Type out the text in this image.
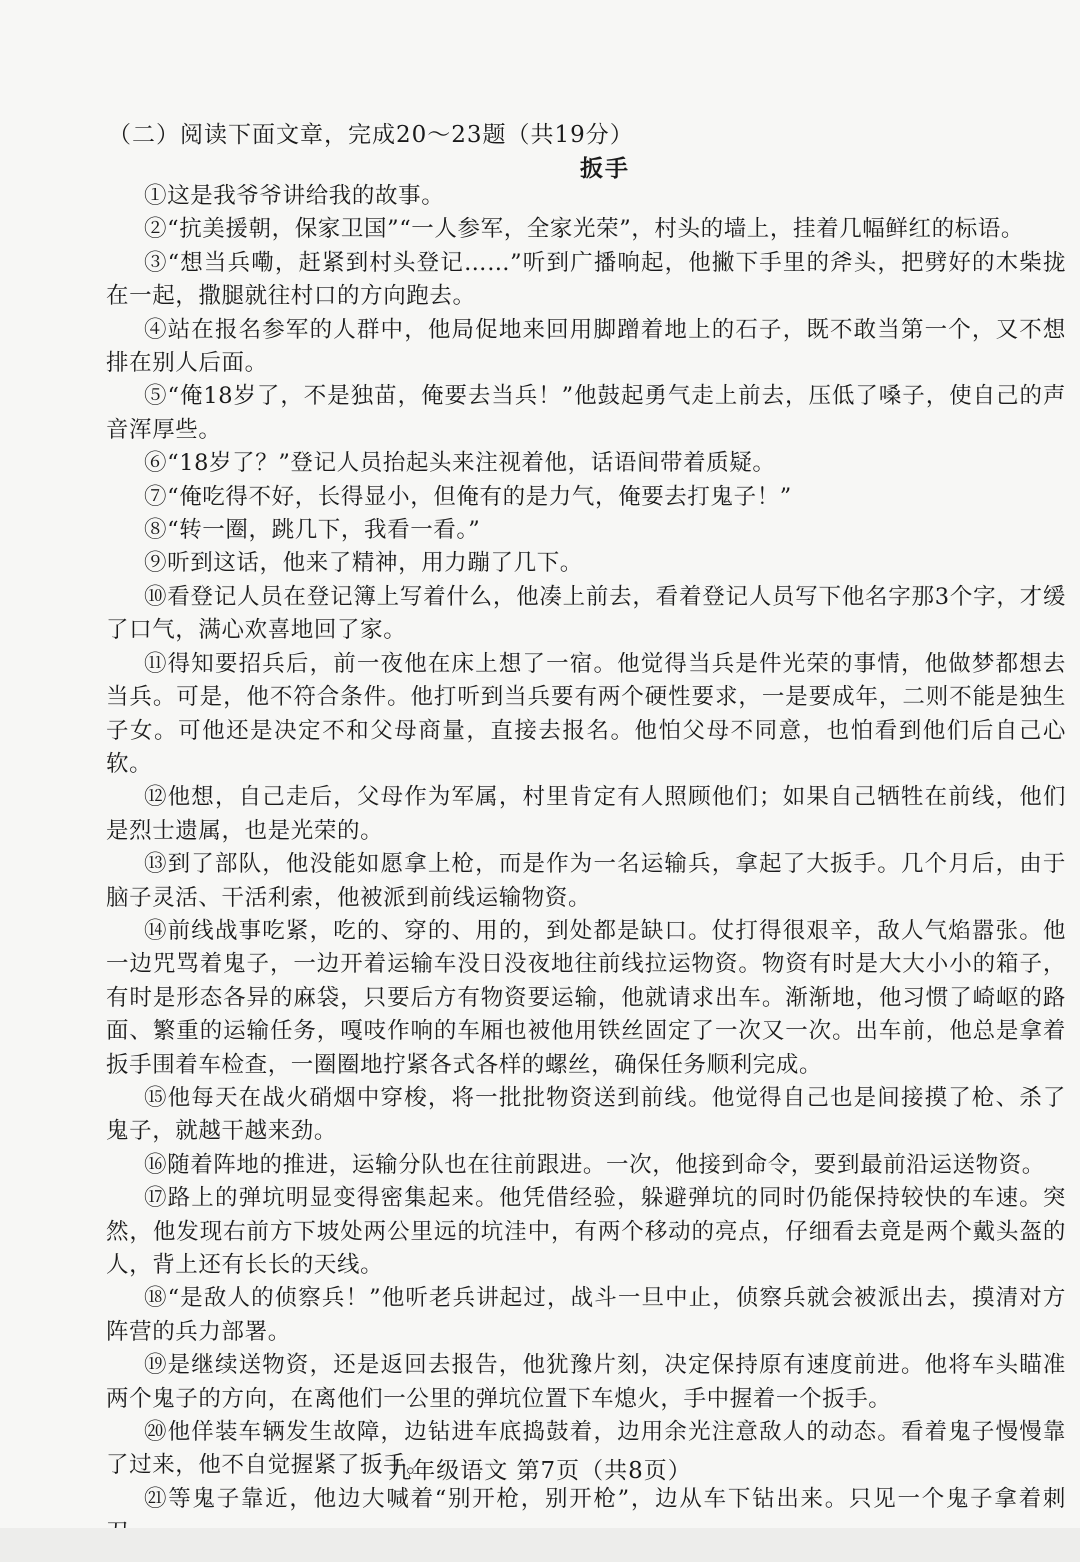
（二）阅读下面文章，完成20～23题（共19分）
扳手

①这是我爷爷讲给我的故事。

②“抗美援朝，保家卫国”“一人参军，全家光荣”，村头的墙上，挂着几幅鲜红的标语。

③“想当兵嘞，赶紧到村头登记……”听到广播响起，他撇下手里的斧头，把劈好的木柴拢在一起，撒腿就往村口的方向跑去。

④站在报名参军的人群中，他局促地来回用脚蹭着地上的石子，既不敢当第一个，又不想排在别人后面。

⑤“俺18岁了，不是独苗，俺要去当兵！”他鼓起勇气走上前去，压低了嗓子，使自己的声音浑厚些。

⑥“18岁了？”登记人员抬起头来注视着他，话语间带着质疑。

⑦“俺吃得不好，长得显小，但俺有的是力气，俺要去打鬼子！”

⑧“转一圈，跳几下，我看一看。”

⑨听到这话，他来了精神，用力蹦了几下。

⑩看登记人员在登记簿上写着什么，他凑上前去，看着登记人员写下他名字那3个字，才缓了口气，满心欢喜地回了家。

⑪得知要招兵后，前一夜他在床上想了一宿。他觉得当兵是件光荣的事情，他做梦都想去当兵。可是，他不符合条件。他打听到当兵要有两个硬性要求，一是要成年，二则不能是独生子女。可他还是决定不和父母商量，直接去报名。他怕父母不同意，也怕看到他们后自己心软。

⑫他想，自己走后，父母作为军属，村里肯定有人照顾他们；如果自己牺牲在前线，他们是烈士遗属，也是光荣的。

⑬到了部队，他没能如愿拿上枪，而是作为一名运输兵，拿起了大扳手。几个月后，由于脑子灵活、干活利索，他被派到前线运输物资。

⑭前线战事吃紧，吃的、穿的、用的，到处都是缺口。仗打得很艰辛，敌人气焰嚣张。他一边咒骂着鬼子，一边开着运输车没日没夜地往前线拉运物资。物资有时是大大小小的箱子，有时是形态各异的麻袋，只要后方有物资要运输，他就请求出车。渐渐地，他习惯了崎岖的路面、繁重的运输任务，嘎吱作响的车厢也被他用铁丝固定了一次又一次。出车前，他总是拿着扳手围着车检查，一圈圈地拧紧各式各样的螺丝，确保任务顺利完成。

⑮他每天在战火硝烟中穿梭，将一批批物资送到前线。他觉得自己也是间接摸了枪、杀了鬼子，就越干越来劲。

⑯随着阵地的推进，运输分队也在往前跟进。一次，他接到命令，要到最前沿运送物资。

⑰路上的弹坑明显变得密集起来。他凭借经验，躲避弹坑的同时仍能保持较快的车速。突然，他发现右前方下坡处两公里远的坑洼中，有两个移动的亮点，仔细看去竟是两个戴头盔的人，背上还有长长的天线。

⑱“是敌人的侦察兵！”他听老兵讲起过，战斗一旦中止，侦察兵就会被派出去，摸清对方阵营的兵力部署。

⑲是继续送物资，还是返回去报告，他犹豫片刻，决定保持原有速度前进。他将车头瞄准两个鬼子的方向，在离他们一公里的弹坑位置下车熄火，手中握着一个扳手。

⑳他佯装车辆发生故障，边钻进车底捣鼓着，边用余光注意敌人的动态。看着鬼子慢慢靠了过来，他不自觉握紧了扳手。

㉑等鬼子靠近，他边大喊着“别开枪，别开枪”，边从车下钻出来。只见一个鬼子拿着刺

九年级语文 第7页（共8页）
